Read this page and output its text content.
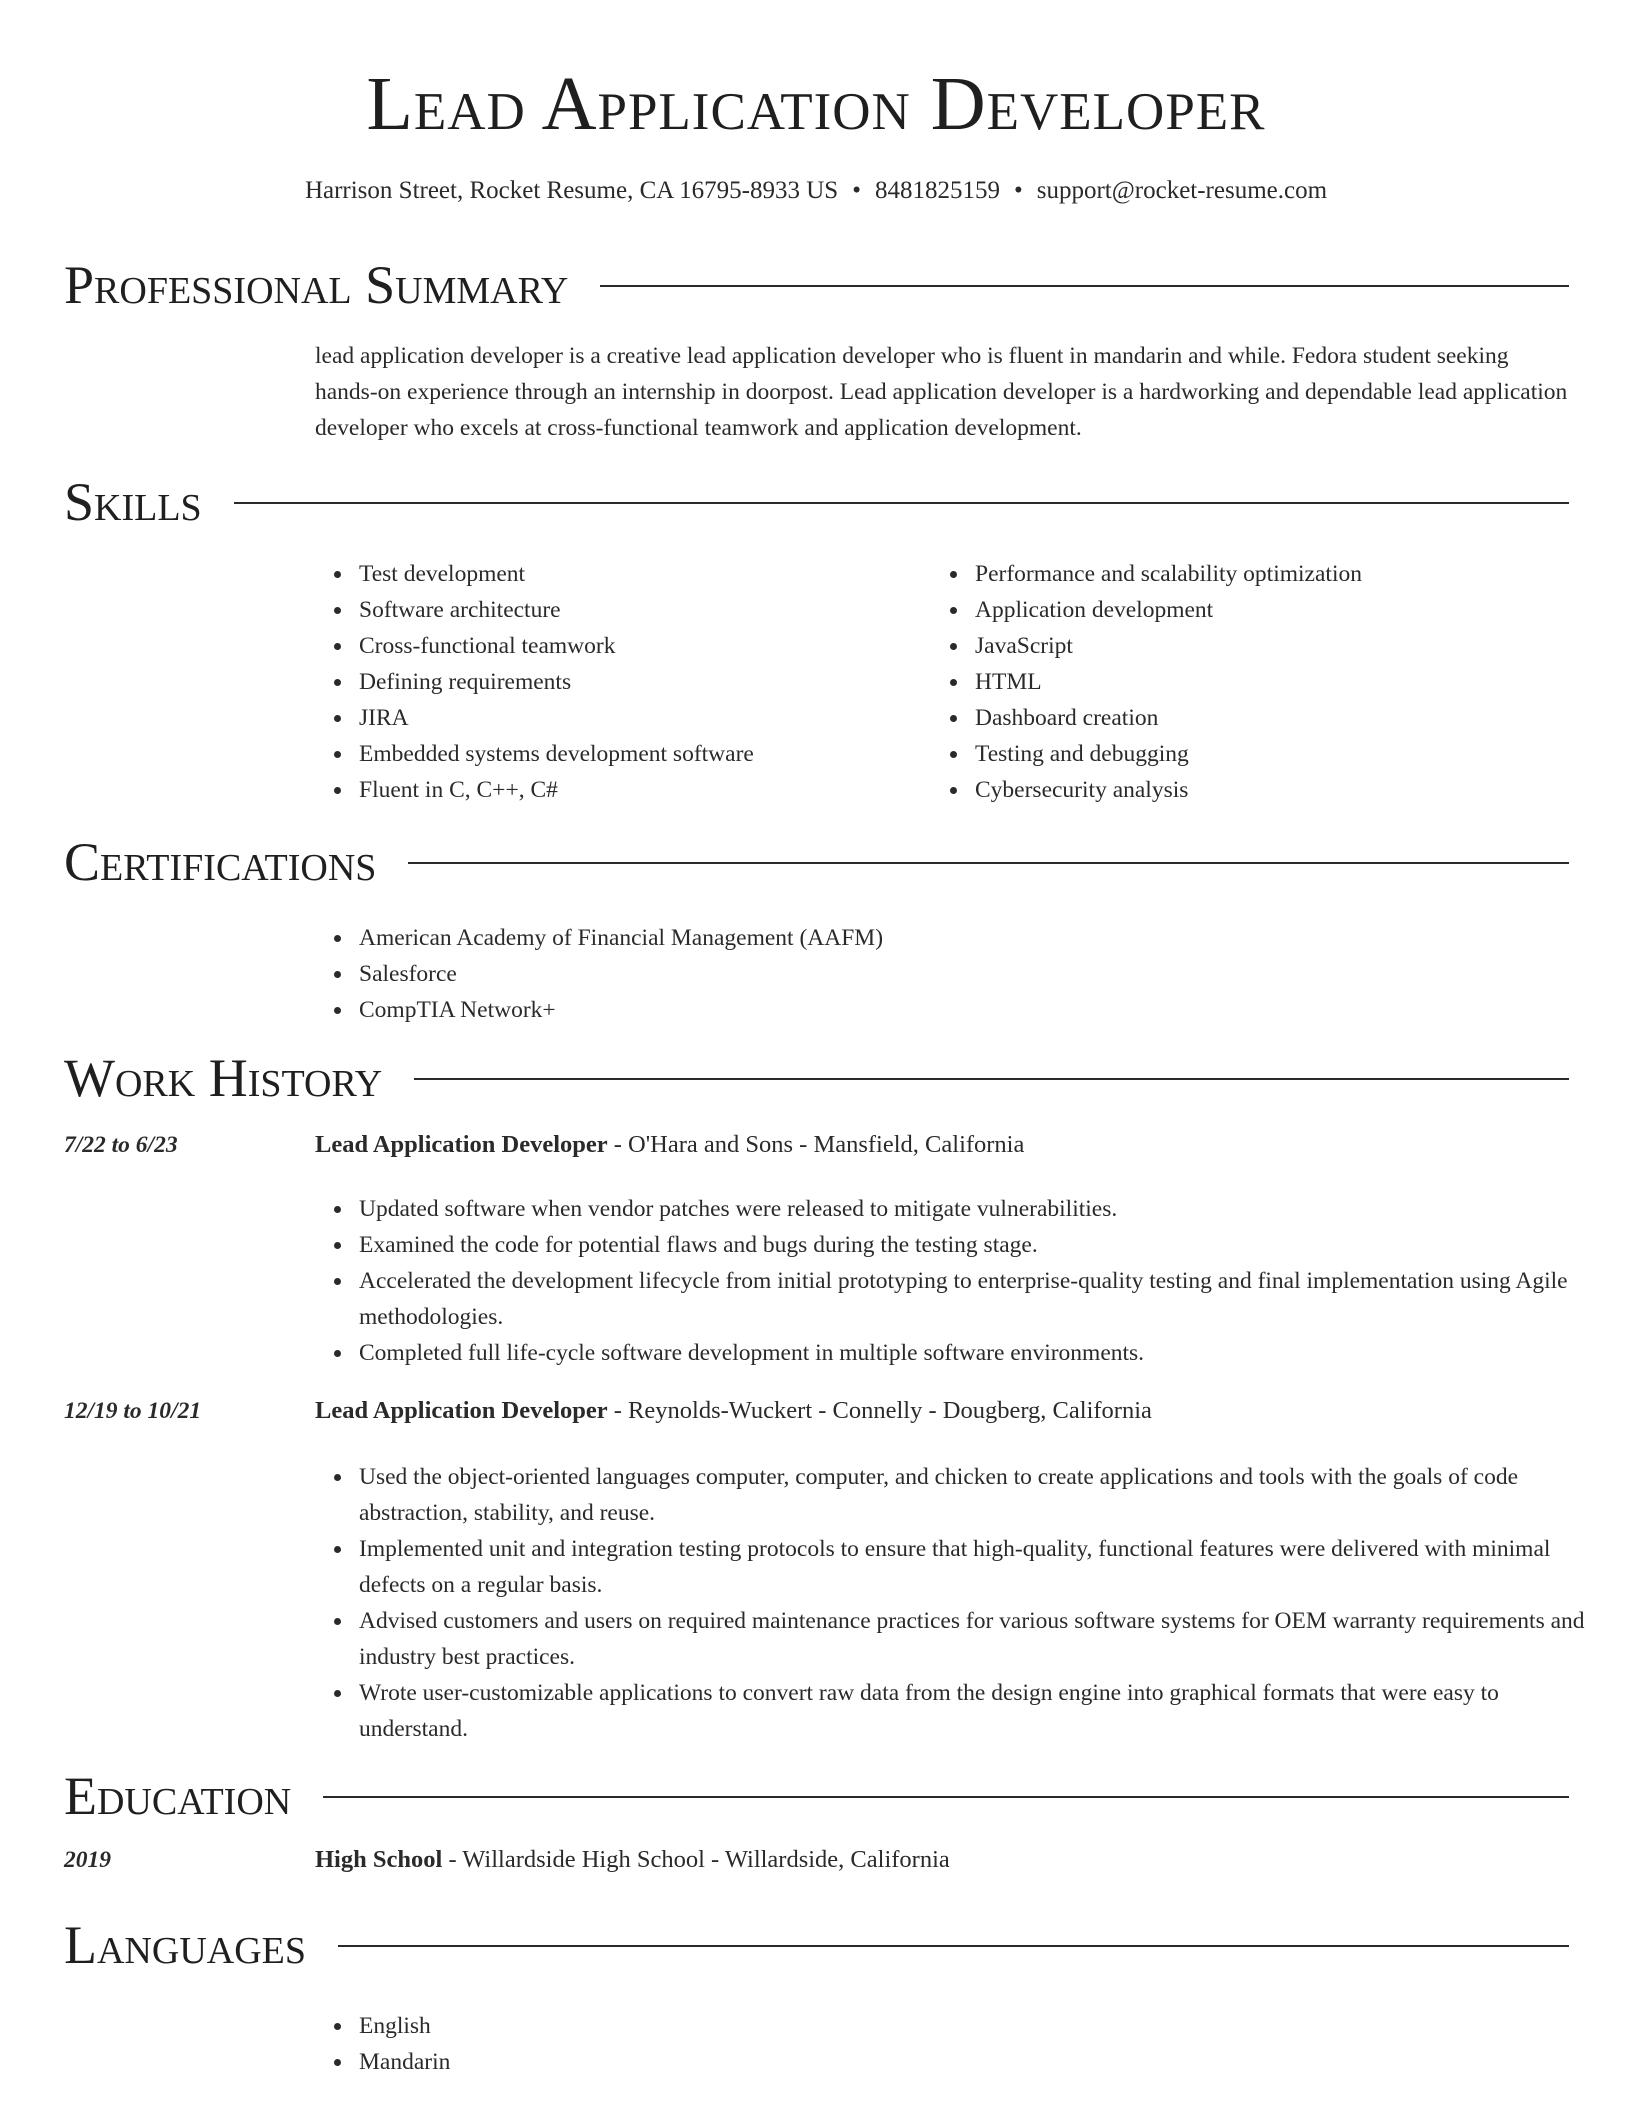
Lead Application Developer
Harrison Street, Rocket Resume, CA 16795-8933 US • 8481825159 • support@rocket-resume.com
Professional Summary
lead application developer is a creative lead application developer who is fluent in mandarin and while. Fedora student seeking hands-on experience through an internship in doorpost. Lead application developer is a hardworking and dependable lead application developer who excels at cross-functional teamwork and application development.
Skills
Test development
Software architecture
Cross-functional teamwork
Defining requirements
JIRA
Embedded systems development software
Fluent in C, C++, C#
Performance and scalability optimization
Application development
JavaScript
HTML
Dashboard creation
Testing and debugging
Cybersecurity analysis
Certifications
American Academy of Financial Management (AAFM)
Salesforce
CompTIA Network+
Work History
7/22 to 6/23	Lead Application Developer - O'Hara and Sons - Mansfield, California
Updated software when vendor patches were released to mitigate vulnerabilities.
Examined the code for potential flaws and bugs during the testing stage.
Accelerated the development lifecycle from initial prototyping to enterprise-quality testing and final implementation using Agile methodologies.
Completed full life-cycle software development in multiple software environments.
12/19 to 10/21	Lead Application Developer - Reynolds-Wuckert - Connelly - Dougberg, California
Used the object-oriented languages computer, computer, and chicken to create applications and tools with the goals of code abstraction, stability, and reuse.
Implemented unit and integration testing protocols to ensure that high-quality, functional features were delivered with minimal defects on a regular basis.
Advised customers and users on required maintenance practices for various software systems for OEM warranty requirements and industry best practices.
Wrote user-customizable applications to convert raw data from the design engine into graphical formats that were easy to understand.
Education
2019	High School - Willardside High School - Willardside, California
Languages
English
Mandarin
